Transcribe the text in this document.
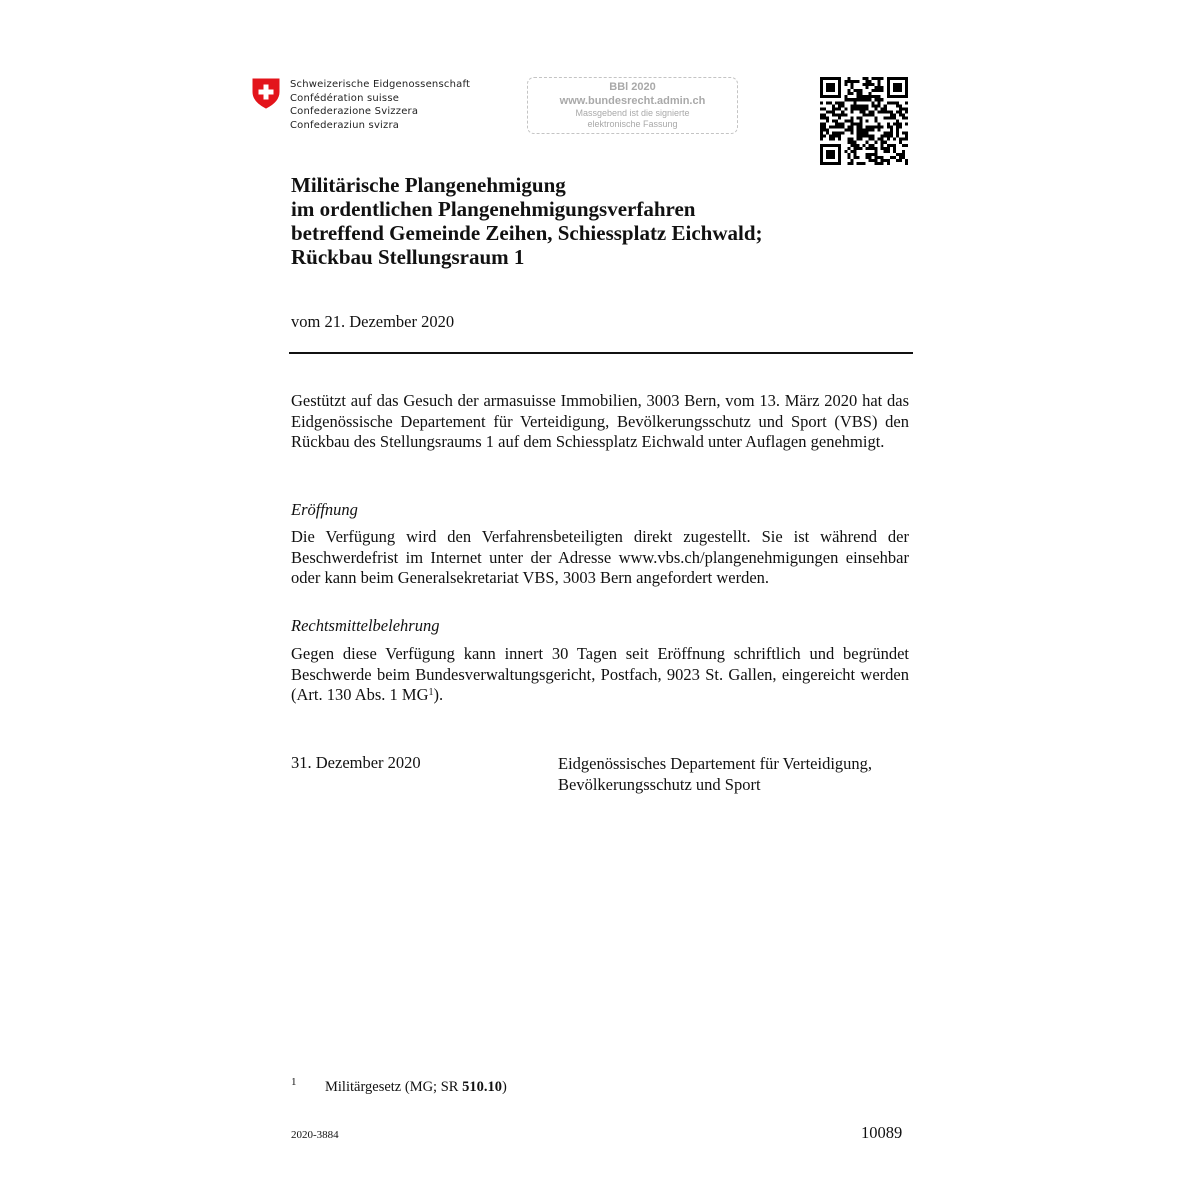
Schweizerische Eidgenossenschaft
Confédération suisse
Confederazione Svizzera
Confederaziun svizra
BBl 2020
www.bundesrecht.admin.ch
Massgebend ist die signierte
elektronische Fassung
Militärische Plangenehmigung
im ordentlichen Plangenehmigungsverfahren
betreffend Gemeinde Zeihen, Schiessplatz Eichwald;
Rückbau Stellungsraum 1
vom 21. Dezember 2020
Gestützt auf das Gesuch der armasuisse Immobilien, 3003 Bern, vom 13. März 2020 hat das Eidgenössische Departement für Verteidigung, Bevölkerungsschutz und Sport (VBS) den Rückbau des Stellungsraums 1 auf dem Schiessplatz Eichwald unter Auflagen genehmigt.
Eröffnung
Die Verfügung wird den Verfahrensbeteiligten direkt zugestellt. Sie ist während der Beschwerdefrist im Internet unter der Adresse www.vbs.ch/plangenehmigungen einsehbar oder kann beim Generalsekretariat VBS, 3003 Bern angefordert werden.
Rechtsmittelbelehrung
Gegen diese Verfügung kann innert 30 Tagen seit Eröffnung schriftlich und begründet Beschwerde beim Bundesverwaltungsgericht, Postfach, 9023 St. Gallen, eingereicht werden (Art. 130 Abs. 1 $MG^1$).
31. Dezember 2020	Eidgenössisches Departement für Verteidigung,
Bevölkerungsschutz und Sport
1 Militärgesetz (MG; SR 510.10)
2020-3884	10089
